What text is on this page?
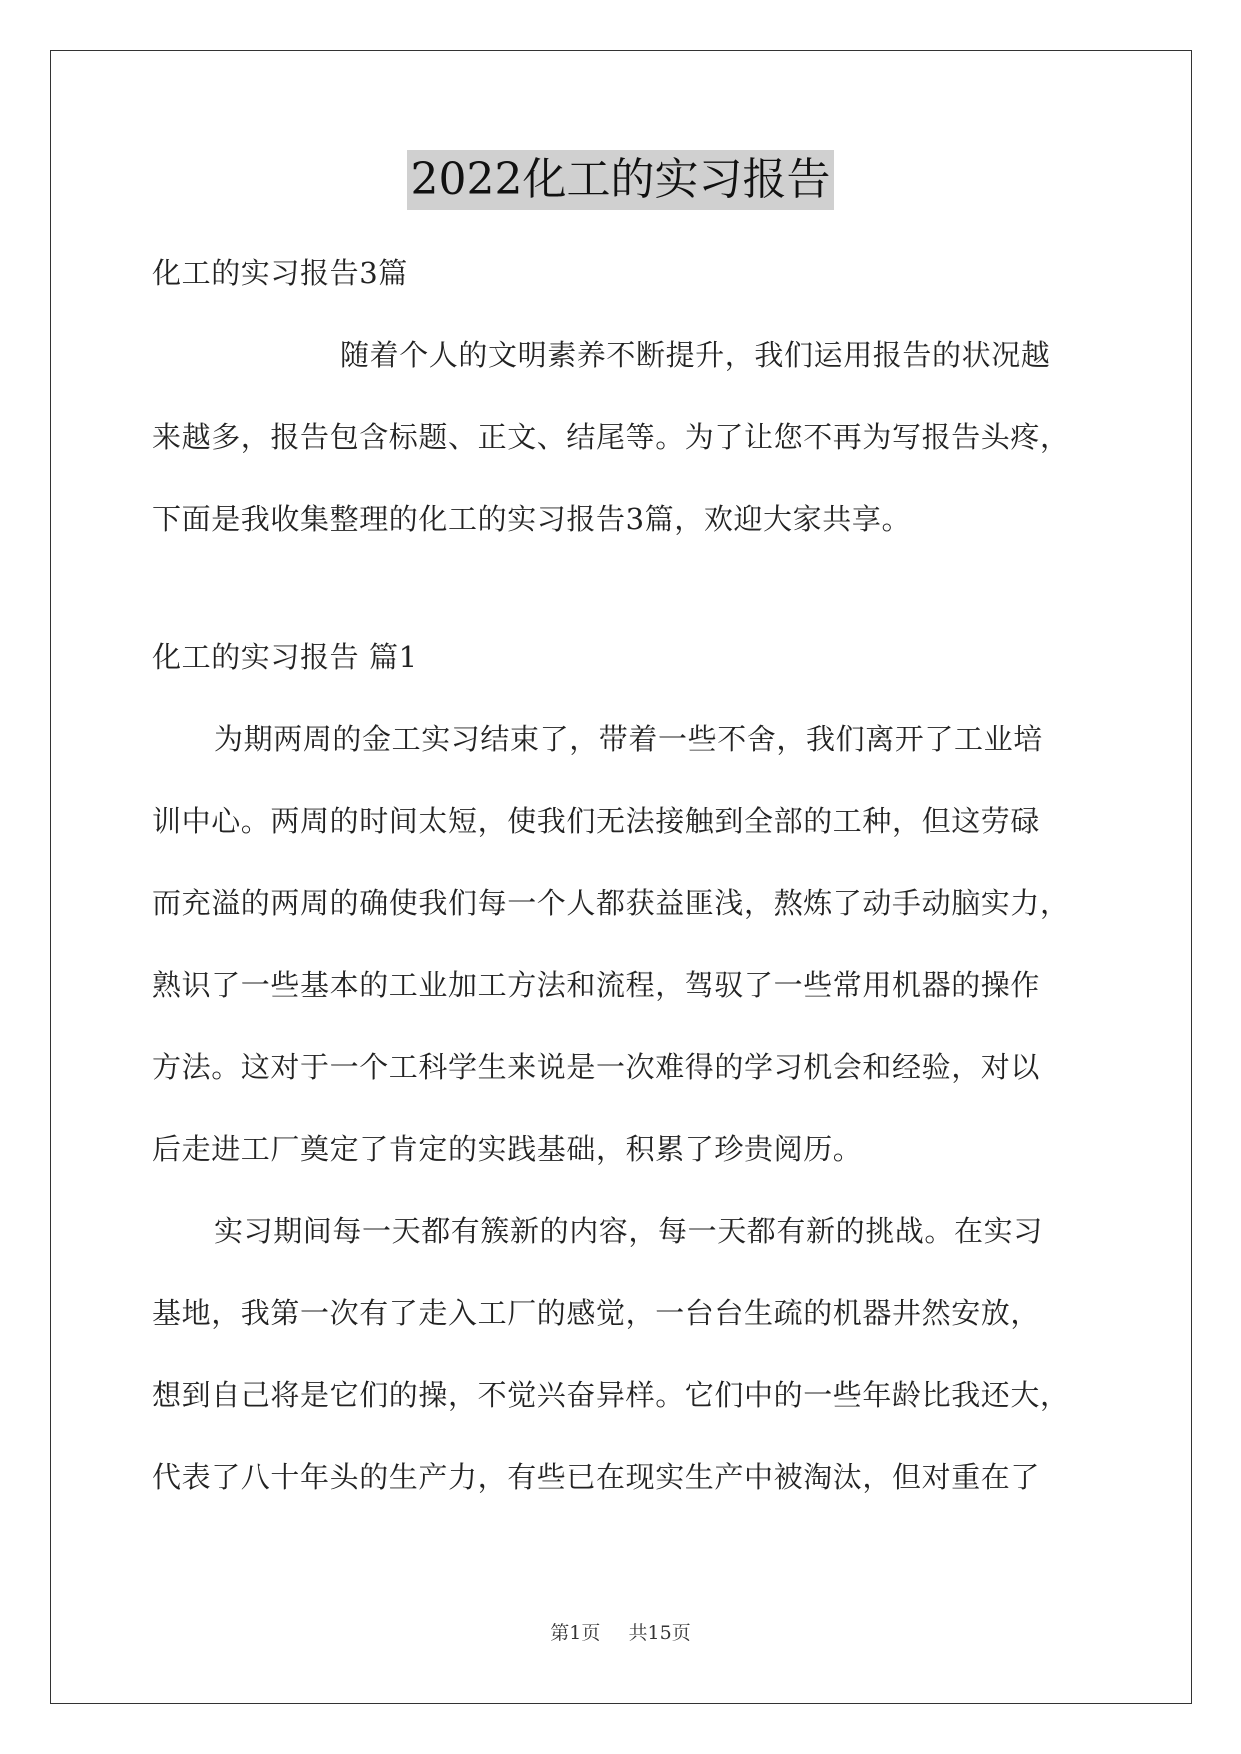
2022化工的实习报告
化工的实习报告3篇
随着个人的文明素养不断提升，我们运用报告的状况越
来越多，报告包含标题、正文、结尾等。为了让您不再为写报告头疼，
下面是我收集整理的化工的实习报告3篇，欢迎大家共享。
化工的实习报告 篇1
为期两周的金工实习结束了，带着一些不舍，我们离开了工业培
训中心。两周的时间太短，使我们无法接触到全部的工种，但这劳碌
而充溢的两周的确使我们每一个人都获益匪浅，熬炼了动手动脑实力，
熟识了一些基本的工业加工方法和流程，驾驭了一些常用机器的操作
方法。这对于一个工科学生来说是一次难得的学习机会和经验，对以
后走进工厂奠定了肯定的实践基础，积累了珍贵阅历。
实习期间每一天都有簇新的内容，每一天都有新的挑战。在实习
基地，我第一次有了走入工厂的感觉，一台台生疏的机器井然安放，
想到自己将是它们的操，不觉兴奋异样。它们中的一些年龄比我还大，
代表了八十年头的生产力，有些已在现实生产中被淘汰，但对重在了
第1页 共15页
